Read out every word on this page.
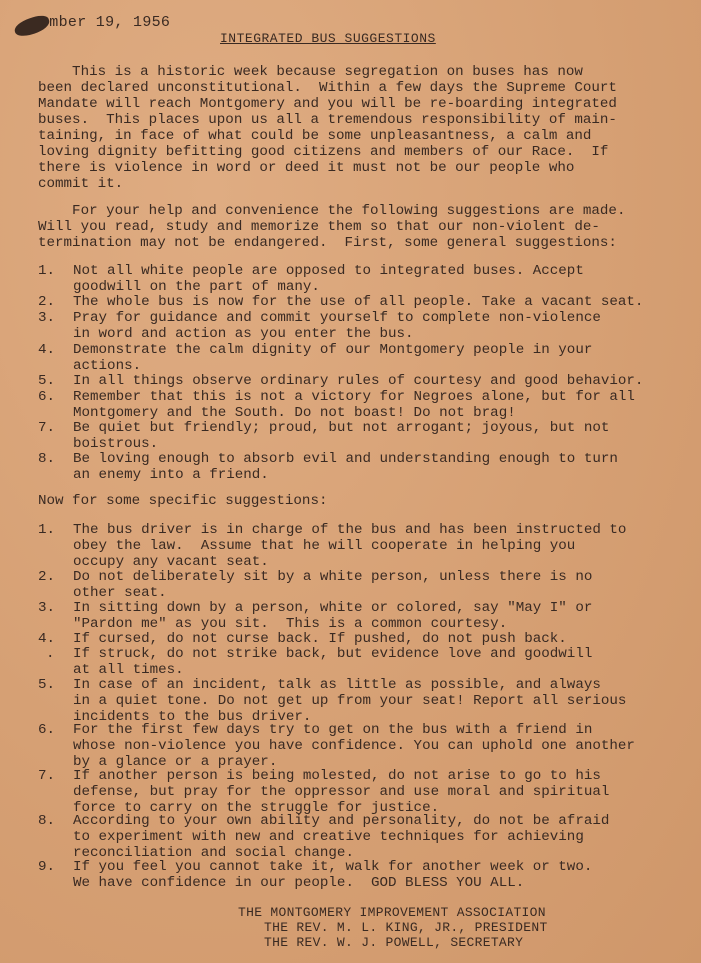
ember 19, 1956
INTEGRATED BUS SUGGESTIONS
This is a historic week because segregation on buses has now
been declared unconstitutional.  Within a few days the Supreme Court
Mandate will reach Montgomery and you will be re-boarding integrated
buses.  This places upon us all a tremendous responsibility of main-
taining, in face of what could be some unpleasantness, a calm and
loving dignity befitting good citizens and members of our Race.  If
there is violence in word or deed it must not be our people who
commit it.
For your help and convenience the following suggestions are made.
Will you read, study and memorize them so that our non-violent de-
termination may not be endangered.  First, some general suggestions:
1. Not all white people are opposed to integrated buses. Accept
goodwill on the part of many.
2. The whole bus is now for the use of all people. Take a vacant seat.
3. Pray for guidance and commit yourself to complete non-violence
in word and action as you enter the bus.
4. Demonstrate the calm dignity of our Montgomery people in your
actions.
5. In all things observe ordinary rules of courtesy and good behavior.
6. Remember that this is not a victory for Negroes alone, but for all
Montgomery and the South. Do not boast! Do not brag!
7. Be quiet but friendly; proud, but not arrogant; joyous, but not
boistrous.
8. Be loving enough to absorb evil and understanding enough to turn
an enemy into a friend.
Now for some specific suggestions:
1. The bus driver is in charge of the bus and has been instructed to
obey the law.  Assume that he will cooperate in helping you
occupy any vacant seat.
2. Do not deliberately sit by a white person, unless there is no
other seat.
3. In sitting down by a person, white or colored, say "May I" or
"Pardon me" as you sit.  This is a common courtesy.
4. If cursed, do not curse back. If pushed, do not push back.
. If struck, do not strike back, but evidence love and goodwill
at all times.
5. In case of an incident, talk as little as possible, and always
in a quiet tone. Do not get up from your seat! Report all serious
incidents to the bus driver.
6. For the first few days try to get on the bus with a friend in
whose non-violence you have confidence. You can uphold one another
by a glance or a prayer.
7. If another person is being molested, do not arise to go to his
defense, but pray for the oppressor and use moral and spiritual
force to carry on the struggle for justice.
8. According to your own ability and personality, do not be afraid
to experiment with new and creative techniques for achieving
reconciliation and social change.
9. If you feel you cannot take it, walk for another week or two.
We have confidence in our people.  GOD BLESS YOU ALL.
THE MONTGOMERY IMPROVEMENT ASSOCIATION
THE REV. M. L. KING, JR., PRESIDENT
THE REV. W. J. POWELL, SECRETARY
